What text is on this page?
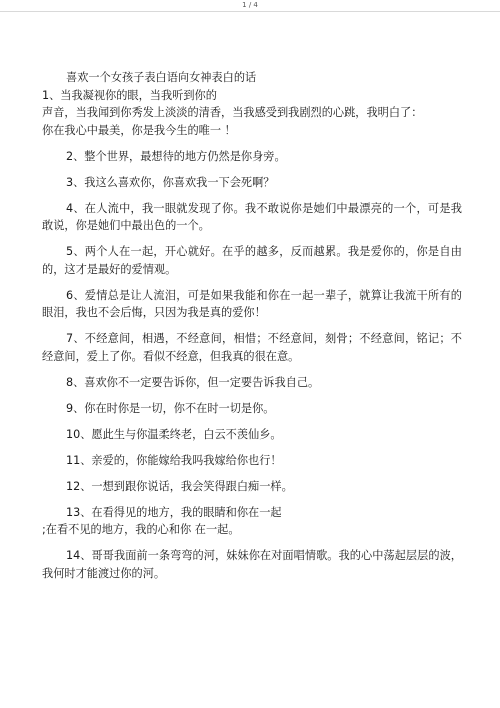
1 / 4

喜欢一个女孩子表白语向女神表白的话

1、当我凝视你的眼，当我听到你的

声音，当我闻到你秀发上淡淡的清香，当我感受到我剧烈的心跳，我明白了：

你在我心中最美，你是我今生的唯一 ！

2、整个世界，最想待的地方仍然是你身旁。

3、我这么喜欢你，你喜欢我一下会死啊？

4、在人流中，我一眼就发现了你。我不敢说你是她们中最漂亮的一个，可是我敢说，你是她们中最出色的一个。

5、两个人在一起，开心就好。在乎的越多，反而越累。我是爱你的，你是自由的，这才是最好的爱情观。

6、爱情总是让人流泪，可是如果我能和你在一起一辈子，就算让我流干所有的眼泪，我也不会后悔，只因为我是真的爱你！

7、不经意间，相遇，不经意间，相惜；不经意间，刻骨；不经意间，铭记；不经意间，爱上了你。看似不经意，但我真的很在意。

8、喜欢你不一定要告诉你，但一定要告诉我自己。

9、你在时你是一切，你不在时一切是你。

10、愿此生与你温柔终老，白云不羡仙乡。

11、亲爱的，你能嫁给我吗我嫁给你也行！

12、一想到跟你说话，我会笑得跟白痴一样。

13、在看得见的地方，我的眼睛和你在一起

;在看不见的地方，我的心和你 在一起。

14、哥哥我面前一条弯弯的河，妹妹你在对面唱情歌。我的心中荡起层层的波，我何时才能渡过你的河。
